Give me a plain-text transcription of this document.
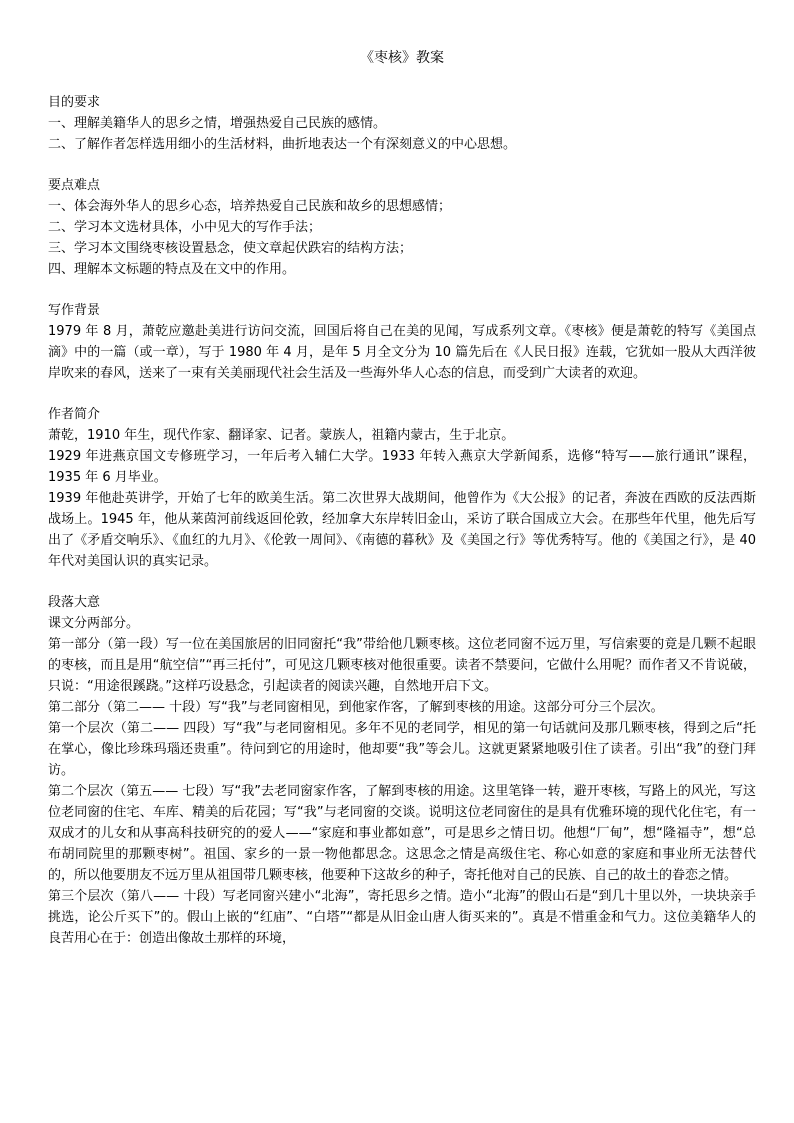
《枣核》教案

目的要求

一、理解美籍华人的思乡之情，增强热爱自己民族的感情。

二、了解作者怎样选用细小的生活材料，曲折地表达一个有深刻意义的中心思想。

要点难点

一、体会海外华人的思乡心态，培养热爱自己民族和故乡的思想感情；

二、学习本文选材具体，小中见大的写作手法；

三、学习本文围绕枣核设置悬念，使文章起伏跌宕的结构方法；

四、理解本文标题的特点及在文中的作用。

写作背景

1979 年 8 月，萧乾应邀赴美进行访问交流，回国后将自己在美的见闻，写成系列文章。《枣核》便是萧乾的特写《美国点滴》中的一篇（或一章），写于 1980 年 4 月，是年 5 月全文分为 10 篇先后在《人民日报》连载，它犹如一股从大西洋彼岸吹来的春风，送来了一束有关美丽现代社会生活及一些海外华人心态的信息，而受到广大读者的欢迎。

作者简介

萧乾，1910 年生，现代作家、翻译家、记者。蒙族人，祖籍内蒙古，生于北京。

1929 年进燕京国文专修班学习，一年后考入辅仁大学。1933 年转入燕京大学新闻系，选修“特写——旅行通讯”课程，1935 年 6 月毕业。

1939 年他赴英讲学，开始了七年的欧美生活。第二次世界大战期间，他曾作为《大公报》的记者，奔波在西欧的反法西斯战场上。1945 年，他从莱茵河前线返回伦敦，经加拿大东岸转旧金山，采访了联合国成立大会。在那些年代里，他先后写出了《矛盾交响乐》、《血红的九月》、《伦敦一周间》、《南德的暮秋》及《美国之行》等优秀特写。他的《美国之行》，是 40 年代对美国认识的真实记录。

段落大意

课文分两部分。

第一部分（第一段）写一位在美国旅居的旧同窗托“我”带给他几颗枣核。这位老同窗不远万里，写信索要的竟是几颗不起眼的枣核，而且是用“航空信”“再三托付”，可见这几颗枣核对他很重要。读者不禁要问，它做什么用呢？而作者又不肯说破，只说：“用途很蹊跷。”这样巧设悬念，引起读者的阅读兴趣，自然地开启下文。

第二部分（第二—— 十段）写“我”与老同窗相见，到他家作客，了解到枣核的用途。这部分可分三个层次。

第一个层次（第二—— 四段）写“我”与老同窗相见。多年不见的老同学，相见的第一句话就问及那几颗枣核，得到之后“托在掌心，像比珍珠玛瑙还贵重”。待问到它的用途时，他却要“我”等会儿。这就更紧紧地吸引住了读者。引出“我”的登门拜访。

第二个层次（第五—— 七段）写“我”去老同窗家作客，了解到枣核的用途。这里笔锋一转，避开枣核，写路上的风光，写这位老同窗的住宅、车库、精美的后花园；写“我”与老同窗的交谈。说明这位老同窗住的是具有优雅环境的现代化住宅，有一双成才的儿女和从事高科技研究的的爱人——“家庭和事业都如意”，可是思乡之情日切。他想“厂甸”，想“隆福寺”，想“总布胡同院里的那颗枣树”。祖国、家乡的一景一物他都思念。这思念之情是高级住宅、称心如意的家庭和事业所无法替代的，所以他要朋友不远万里从祖国带几颗枣核，他要种下这故乡的种子，寄托他对自己的民族、自己的故土的眷恋之情。

第三个层次（第八—— 十段）写老同窗兴建小“北海”，寄托思乡之情。造小“北海”的假山石是“到几十里以外，一块块亲手挑选，论公斤买下”的。假山上嵌的“红庙”、“白塔”“都是从旧金山唐人街买来的”。真是不惜重金和气力。这位美籍华人的良苦用心在于：创造出像故土那样的环境，
